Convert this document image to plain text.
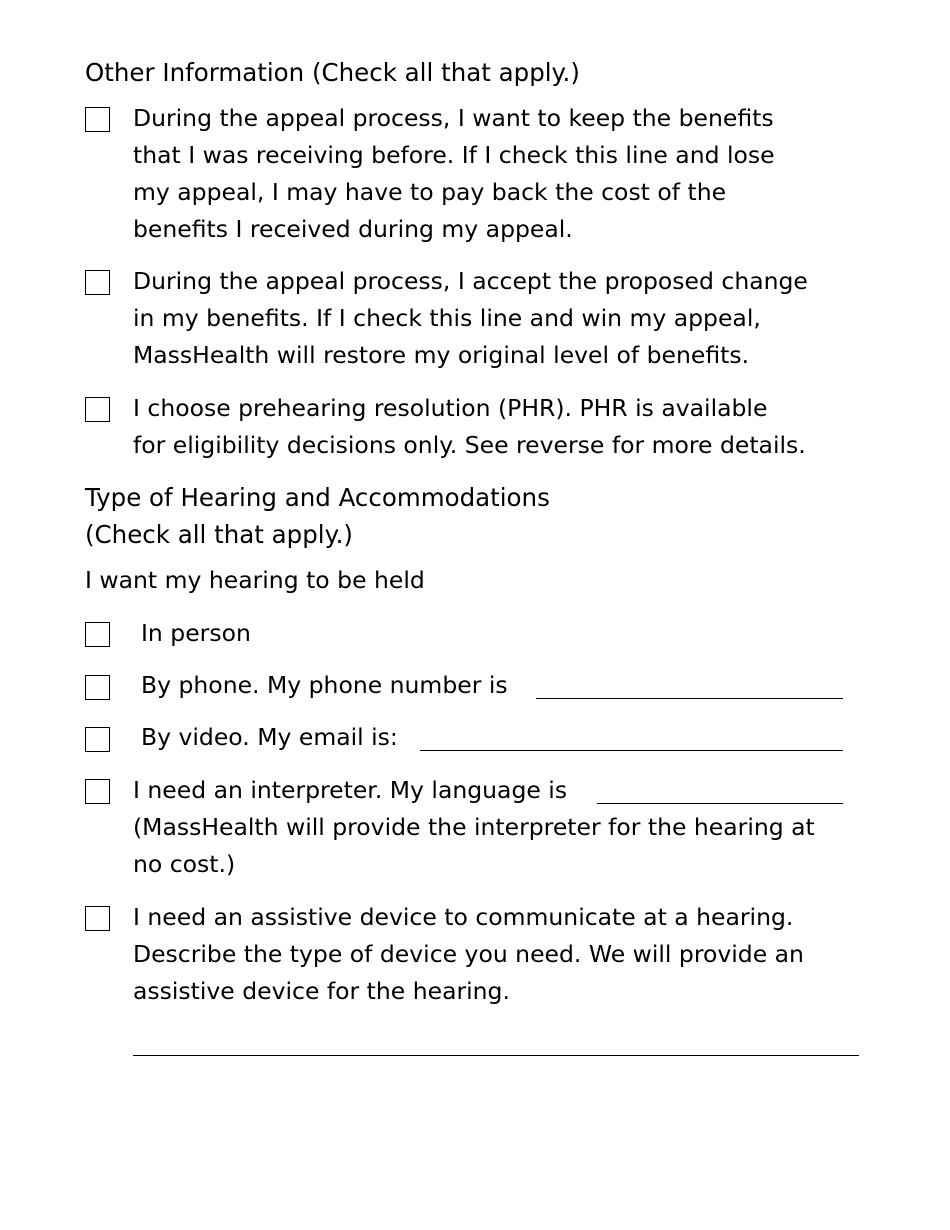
Other Information (Check all that apply.)

During the appeal process, I want to keep the benefits

that I was receiving before. If I check this line and lose

my appeal, I may have to pay back the cost of the

benefits I received during my appeal.

During the appeal process, I accept the proposed change

in my benefits. If I check this line and win my appeal,

MassHealth will restore my original level of benefits.

I choose prehearing resolution (PHR). PHR is available

for eligibility decisions only. See reverse for more details.

Type of Hearing and Accommodations
(Check all that apply.)

I want my hearing to be held

In person
By phone. My phone number is
By video. My email is:

I need an interpreter. My language is

(MassHealth will provide the interpreter for the hearing at

no cost.)

I need an assistive device to communicate at a hearing.

Describe the type of device you need. We will provide an

assistive device for the hearing.
